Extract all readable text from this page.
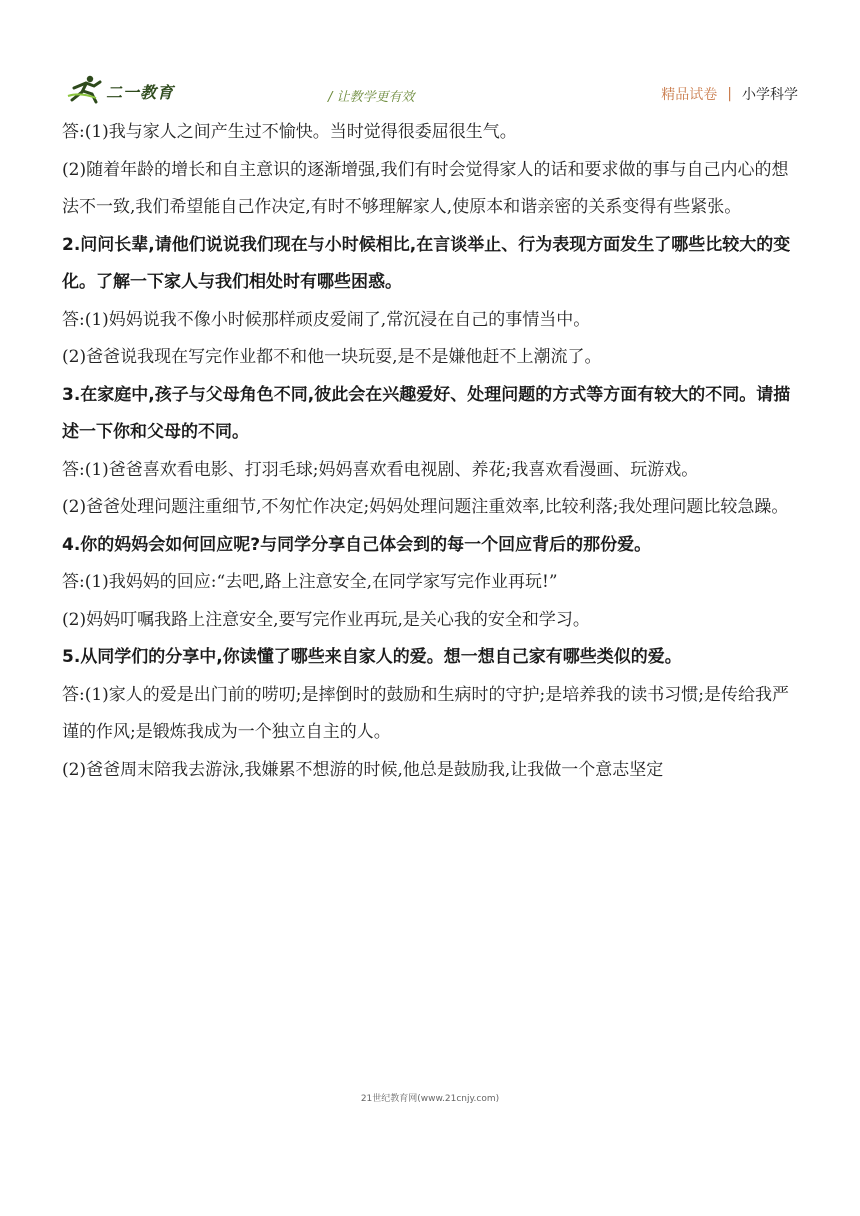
二一教育	/ 让教学更有效	精品试卷 | 小学科学

答:(1)我与家人之间产生过不愉快。当时觉得很委屈很生气。

(2)随着年龄的增长和自主意识的逐渐增强,我们有时会觉得家人的话和要求做的事与自己内心的想法不一致,我们希望能自己作决定,有时不够理解家人,使原本和谐亲密的关系变得有些紧张。

2.问问长辈,请他们说说我们现在与小时候相比,在言谈举止、行为表现方面发生了哪些比较大的变化。了解一下家人与我们相处时有哪些困惑。

答:(1)妈妈说我不像小时候那样顽皮爱闹了,常沉浸在自己的事情当中。

(2)爸爸说我现在写完作业都不和他一块玩耍,是不是嫌他赶不上潮流了。

3.在家庭中,孩子与父母角色不同,彼此会在兴趣爱好、处理问题的方式等方面有较大的不同。请描述一下你和父母的不同。

答:(1)爸爸喜欢看电影、打羽毛球;妈妈喜欢看电视剧、养花;我喜欢看漫画、玩游戏。

(2)爸爸处理问题注重细节,不匆忙作决定;妈妈处理问题注重效率,比较利落;我处理问题比较急躁。

4.你的妈妈会如何回应呢?与同学分享自己体会到的每一个回应背后的那份爱。

答:(1)我妈妈的回应:“去吧,路上注意安全,在同学家写完作业再玩!”

(2)妈妈叮嘱我路上注意安全,要写完作业再玩,是关心我的安全和学习。

5.从同学们的分享中,你读懂了哪些来自家人的爱。想一想自己家有哪些类似的爱。

答:(1)家人的爱是出门前的唠叨;是摔倒时的鼓励和生病时的守护;是培养我的读书习惯;是传给我严谨的作风;是锻炼我成为一个独立自主的人。

(2)爸爸周末陪我去游泳,我嫌累不想游的时候,他总是鼓励我,让我做一个意志坚定

21世纪教育网(www.21cnjy.com)
